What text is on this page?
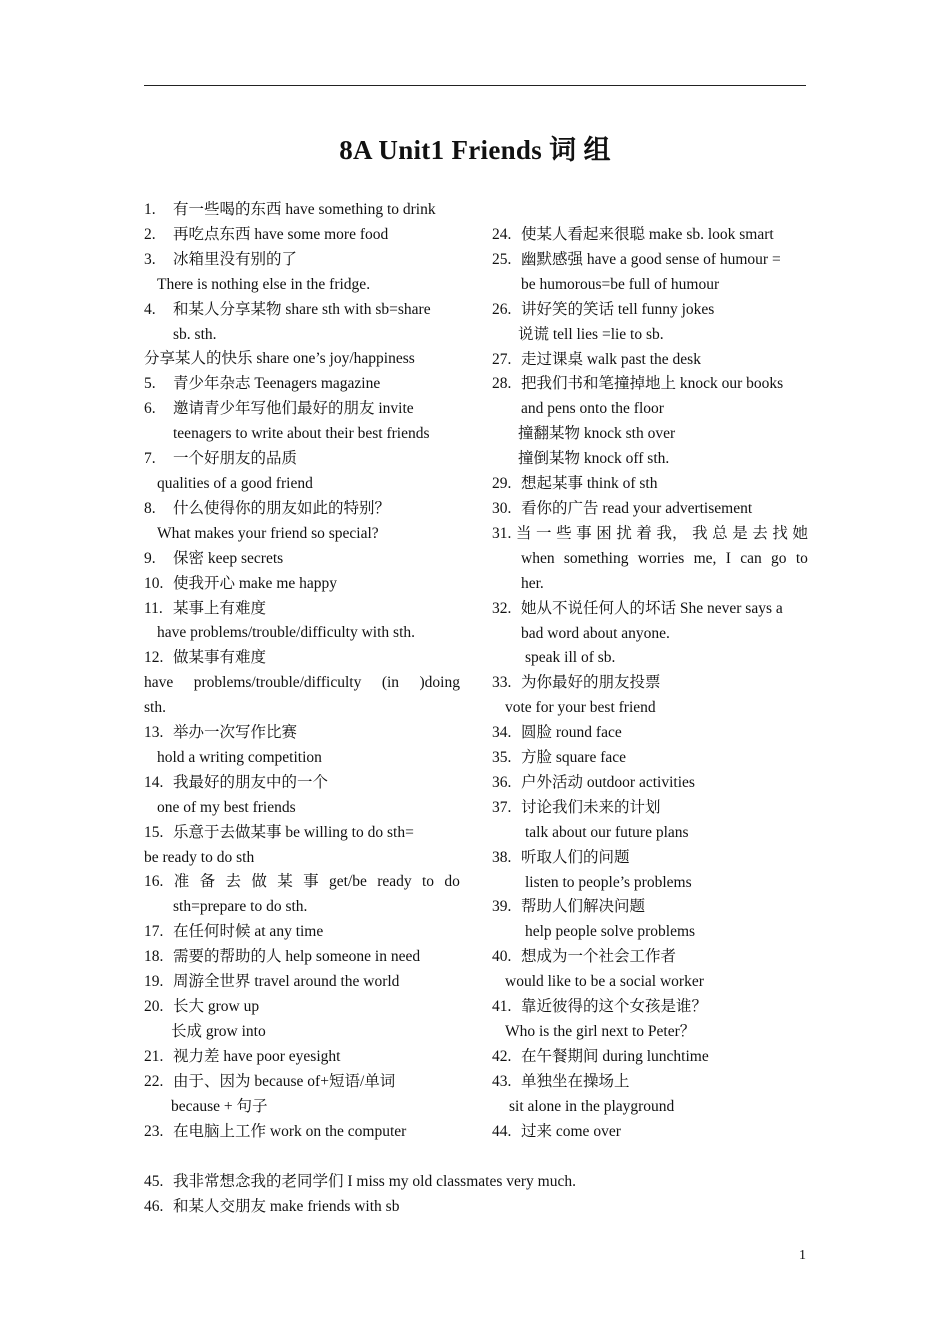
8A Unit1 Friends 词 组
1. 有一些喝的东西 have something to drink
2. 再吃点东西 have some more food
3. 冰箱里没有别的了
There is nothing else in the fridge.
4. 和某人分享某物 share sth with sb=share
sb. sth.
分享某人的快乐 share one’s joy/happiness
5. 青少年杂志 Teenagers magazine
6. 邀请青少年写他们最好的朋友 invite
teenagers to write about their best friends
7. 一个好朋友的品质
qualities of a good friend
8. 什么使得你的朋友如此的特别？
What makes your friend so special?
9. 保密 keep secrets
10. 使我开心 make me happy
11. 某事上有难度
have problems/trouble/difficulty with sth.
12. 做某事有难度
have problems/trouble/difficulty (in )doing
sth.
13. 举办一次写作比赛
hold a writing competition
14. 我最好的朋友中的一个
one of my best friends
15. 乐意于去做某事 be willing to do sth=
be ready to do sth
16. 准 备 去 做 某 事 get/be ready to do
sth=prepare to do sth.
17. 在任何时候 at any time
18. 需要的帮助的人 help someone in need
19. 周游全世界 travel around the world
20. 长大 grow up
长成 grow into
21. 视力差 have poor eyesight
22. 由于、因为 because of+短语/单词
because + 句子
23. 在电脑上工作 work on the computer
24. 使某人看起来很聪 make sb. look smart
25. 幽默感强 have a good sense of humour =
be humorous=be full of humour
26. 讲好笑的笑话 tell funny jokes
说谎 tell lies =lie to sb.
27. 走过课桌 walk past the desk
28. 把我们书和笔撞掉地上 knock our books
and pens onto the floor
撞翻某物 knock sth over
撞倒某物 knock off sth.
29. 想起某事 think of sth
30. 看你的广告 read your advertisement
31. 当 一 些 事 困 扰 着 我， 我 总 是 去 找 她
when something worries me, I can go to
her.
32. 她从不说任何人的坏话 She never says a
bad word about anyone.
speak ill of sb.
33. 为你最好的朋友投票
vote for your best friend
34. 圆脸 round face
35. 方脸 square face
36. 户外活动 outdoor activities
37. 讨论我们未来的计划
talk about our future plans
38. 听取人们的问题
listen to people’s problems
39. 帮助人们解决问题
help people solve problems
40. 想成为一个社会工作者
would like to be a social worker
41. 靠近彼得的这个女孩是谁？
Who is the girl next to Peter？
42. 在午餐期间 during lunchtime
43. 单独坐在操场上
sit alone in the playground
44. 过来 come over
45. 我非常想念我的老同学们 I miss my old classmates very much.
46. 和某人交朋友 make friends with sb
1
